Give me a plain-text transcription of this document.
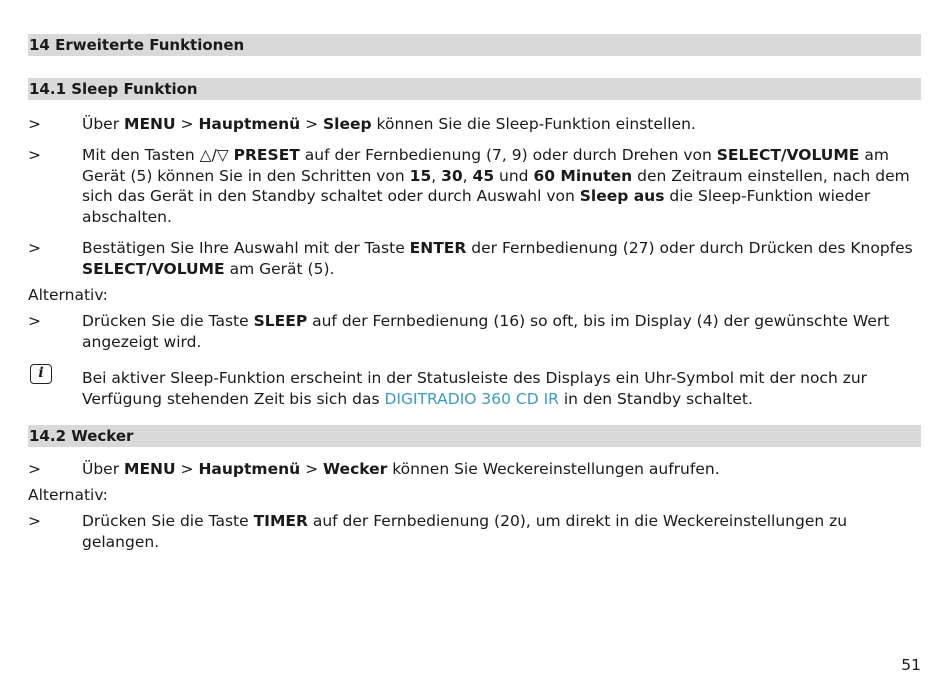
14 Erweiterte Funktionen
14.1 Sleep Funktion
>	Über MENU > Hauptmenü > Sleep können Sie die Sleep-Funktion einstellen.
>	Mit den Tasten △/▽ PRESET auf der Fernbedienung (7, 9) oder durch Drehen von SELECT/VOLUME am Gerät (5) können Sie in den Schritten von 15, 30, 45 und 60 Minuten den Zeitraum einstellen, nach dem sich das Gerät in den Standby schaltet oder durch Auswahl von Sleep aus die Sleep-Funktion wieder abschalten.
>	Bestätigen Sie Ihre Auswahl mit der Taste ENTER der Fernbedienung (27) oder durch Drücken des Knopfes SELECT/VOLUME am Gerät (5).
Alternativ:
>	Drücken Sie die Taste SLEEP auf der Fernbedienung (16) so oft, bis im Display (4) der gewünschte Wert angezeigt wird.
i	Bei aktiver Sleep-Funktion erscheint in der Statusleiste des Displays ein Uhr-Symbol mit der noch zur Verfügung stehenden Zeit bis sich das DIGITRADIO 360 CD IR in den Standby schaltet.
14.2 Wecker
>	Über MENU > Hauptmenü > Wecker können Sie Weckereinstellungen aufrufen.
Alternativ:
>	Drücken Sie die Taste TIMER auf der Fernbedienung (20), um direkt in die Weckereinstellungen zu gelangen.
51
